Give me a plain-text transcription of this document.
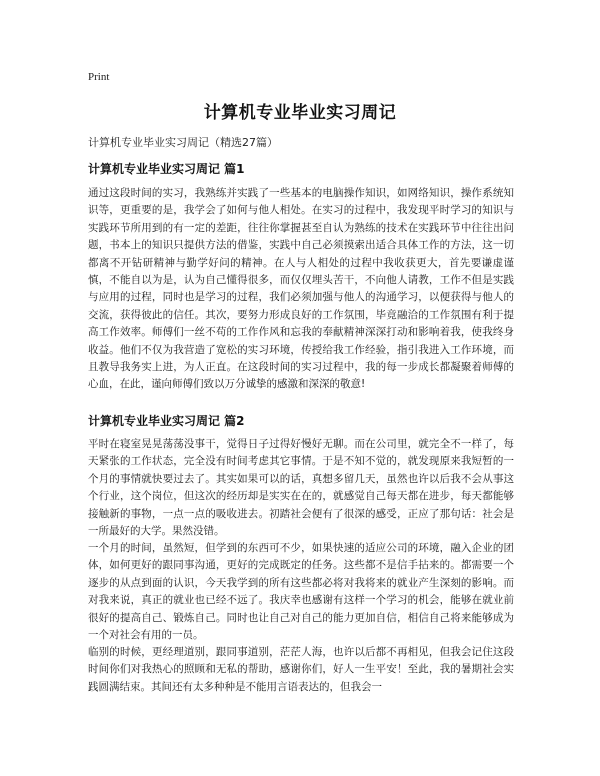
Print
计算机专业毕业实习周记
计算机专业毕业实习周记（精选27篇）
计算机专业毕业实习周记 篇1

通过这段时间的实习，我熟练并实践了一些基本的电脑操作知识，如网络知识，操作系统知识等，更重要的是，我学会了如何与他人相处。在实习的过程中，我发现平时学习的知识与实践环节所用到的有一定的差距，往往你掌握甚至自认为熟练的技术在实践环节中往往出问题，书本上的知识只提供方法的借鉴，实践中自己必须摸索出适合具体工作的方法，这一切都离不开钻研精神与勤学好问的精神。在人与人相处的过程中我收获更大，首先要谦虚谨慎，不能自以为是，认为自己懂得很多，而仅仅埋头苦干，不向他人请教，工作不但是实践与应用的过程，同时也是学习的过程，我们必须加强与他人的沟通学习，以便获得与他人的交流，获得彼此的信任。其次，要努力形成良好的工作氛围，毕竟融洽的工作氛围有利于提高工作效率。师傅们一丝不苟的工作作风和忘我的奉献精神深深打动和影响着我，使我终身收益。他们不仅为我营造了宽松的实习环境，传授给我工作经验，指引我进入工作环境，而且教导我务实上进，为人正直。在这段时间的实习过程中，我的每一步成长都凝聚着师傅的心血，在此，谨向师傅们致以万分诚挚的感激和深深的敬意!

计算机专业毕业实习周记 篇2

平时在寝室晃晃荡荡没事干，觉得日子过得好慢好无聊。而在公司里，就完全不一样了，每天紧张的工作状态，完全没有时间考虑其它事情。于是不知不觉的，就发现原来我短暂的一个月的事情就快要过去了。其实如果可以的话，真想多留几天，虽然也许以后我不会从事这个行业，这个岗位，但这次的经历却是实实在在的，就感觉自己每天都在进步，每天都能够接触新的事物，一点一点的吸收进去。初踏社会便有了很深的感受，正应了那句话：社会是一所最好的大学。果然没错。

一个月的时间，虽然短，但学到的东西可不少，如果快速的适应公司的环境，融入企业的团体，如何更好的跟同事沟通，更好的完成既定的任务。这些都不是信手拈来的。都需要一个逐步的从点到面的认识，今天我学到的所有这些都必将对我将来的就业产生深刻的影响。而对我来说，真正的就业也已经不远了。我庆幸也感谢有这样一个学习的机会，能够在就业前很好的提高自己、锻炼自己。同时也让自己对自己的能力更加自信，相信自己将来能够成为一个对社会有用的一员。

临别的时候，更经理道别，跟同事道别，茫茫人海，也许以后都不再相见，但我会记住这段时间你们对我热心的照顾和无私的帮助，感谢你们，好人一生平安！至此，我的暑期社会实践圆满结束。其间还有太多种种是不能用言语表达的，但我会一
